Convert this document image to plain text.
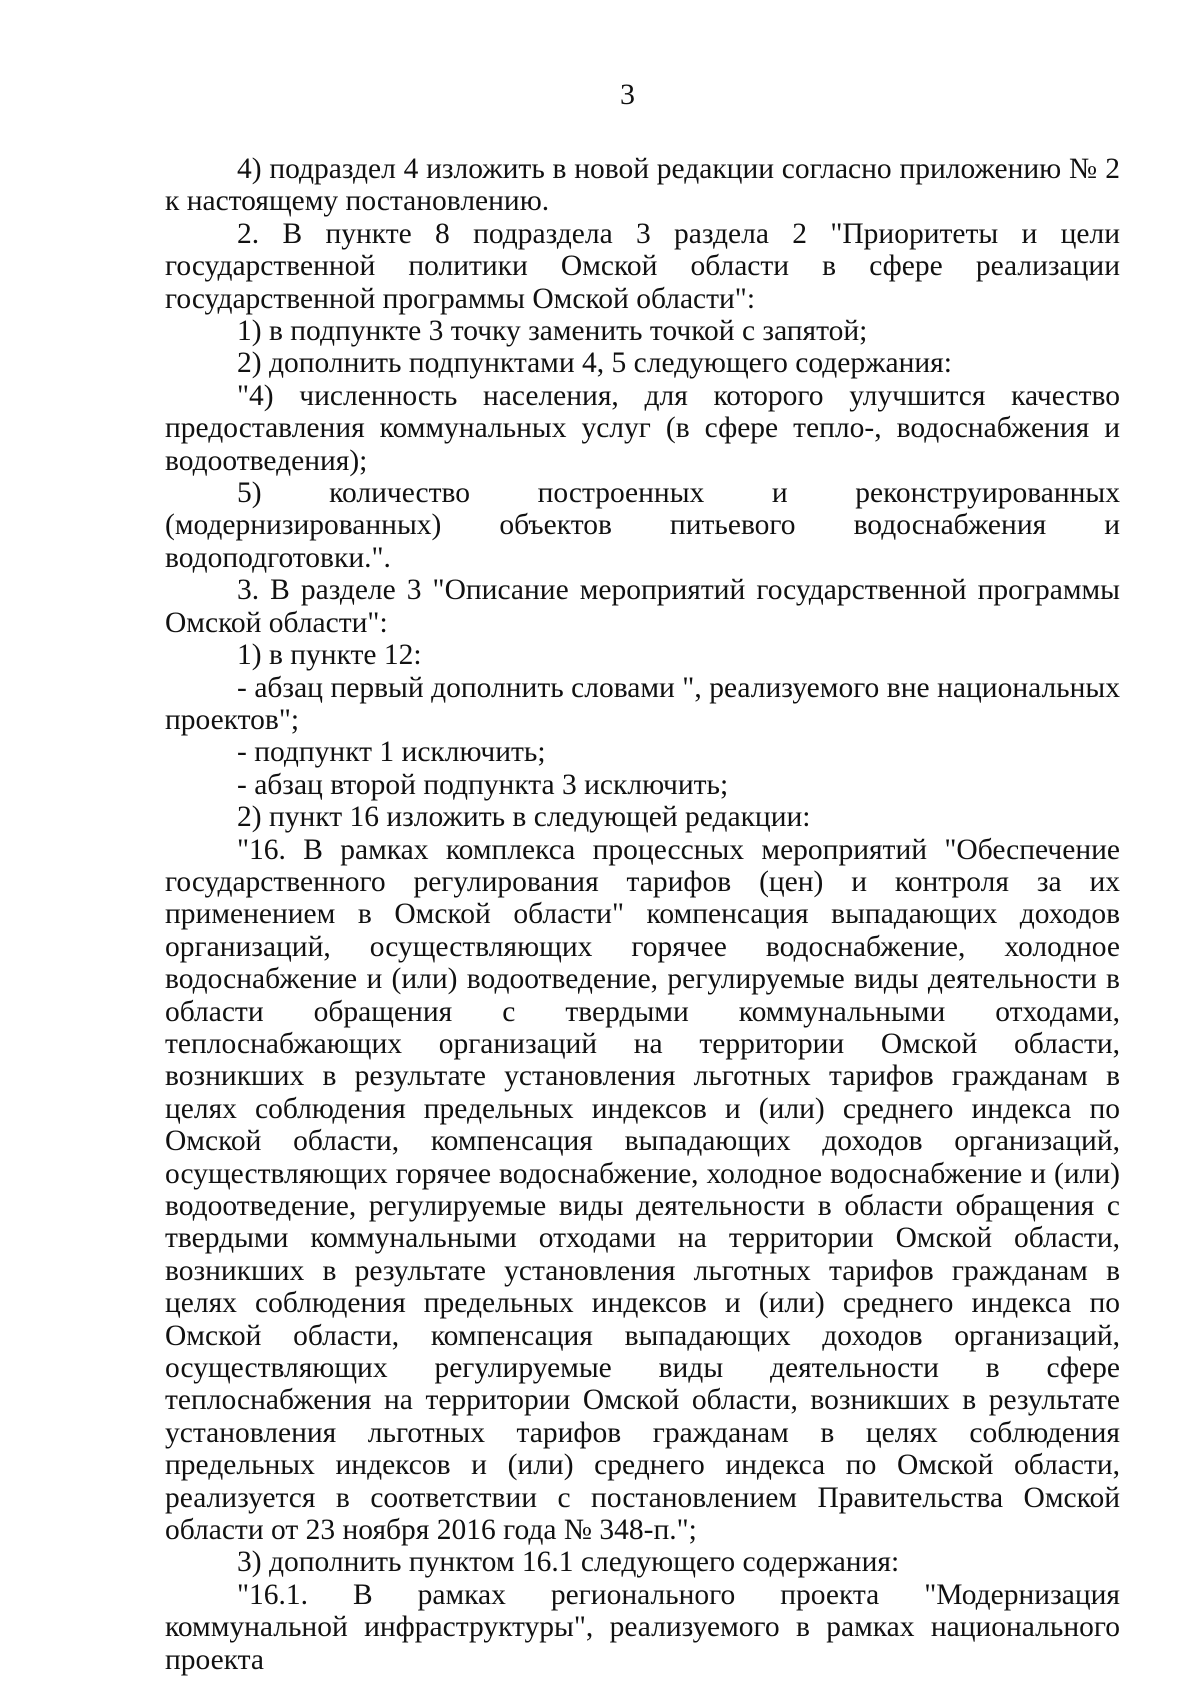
3

4) подраздел 4 изложить в новой редакции согласно приложению № 2 к настоящему постановлению.

2. В пункте 8 подраздела 3 раздела 2 "Приоритеты и цели государственной политики Омской области в сфере реализации государственной программы Омской области":

1) в подпункте 3 точку заменить точкой с запятой;

2) дополнить подпунктами 4, 5 следующего содержания:

"4) численность населения, для которого улучшится качество предоставления коммунальных услуг (в сфере тепло-, водоснабжения и водоотведения);

5) количество построенных и реконструированных (модернизированных) объектов питьевого водоснабжения и водоподготовки.".

3. В разделе 3 "Описание мероприятий государственной программы Омской области":

1) в пункте 12:

- абзац первый дополнить словами ", реализуемого вне национальных проектов";

- подпункт 1 исключить;

- абзац второй подпункта 3 исключить;

2) пункт 16 изложить в следующей редакции:

"16. В рамках комплекса процессных мероприятий "Обеспечение государственного регулирования тарифов (цен) и контроля за их применением в Омской области" компенсация выпадающих доходов организаций, осуществляющих горячее водоснабжение, холодное водоснабжение и (или) водоотведение, регулируемые виды деятельности в области обращения с твердыми коммунальными отходами, теплоснабжающих организаций на территории Омской области, возникших в результате установления льготных тарифов гражданам в целях соблюдения предельных индексов и (или) среднего индекса по Омской области, компенсация выпадающих доходов организаций, осуществляющих горячее водоснабжение, холодное водоснабжение и (или) водоотведение, регулируемые виды деятельности в области обращения с твердыми коммунальными отходами на территории Омской области, возникших в результате установления льготных тарифов гражданам в целях соблюдения предельных индексов и (или) среднего индекса по Омской области, компенсация выпадающих доходов организаций, осуществляющих регулируемые виды деятельности в сфере теплоснабжения на территории Омской области, возникших в результате установления льготных тарифов гражданам в целях соблюдения предельных индексов и (или) среднего индекса по Омской области, реализуется в соответствии с постановлением Правительства Омской области от 23 ноября 2016 года № 348-п.";

3) дополнить пунктом 16.1 следующего содержания:

"16.1. В рамках регионального проекта "Модернизация коммунальной инфраструктуры", реализуемого в рамках национального проекта
